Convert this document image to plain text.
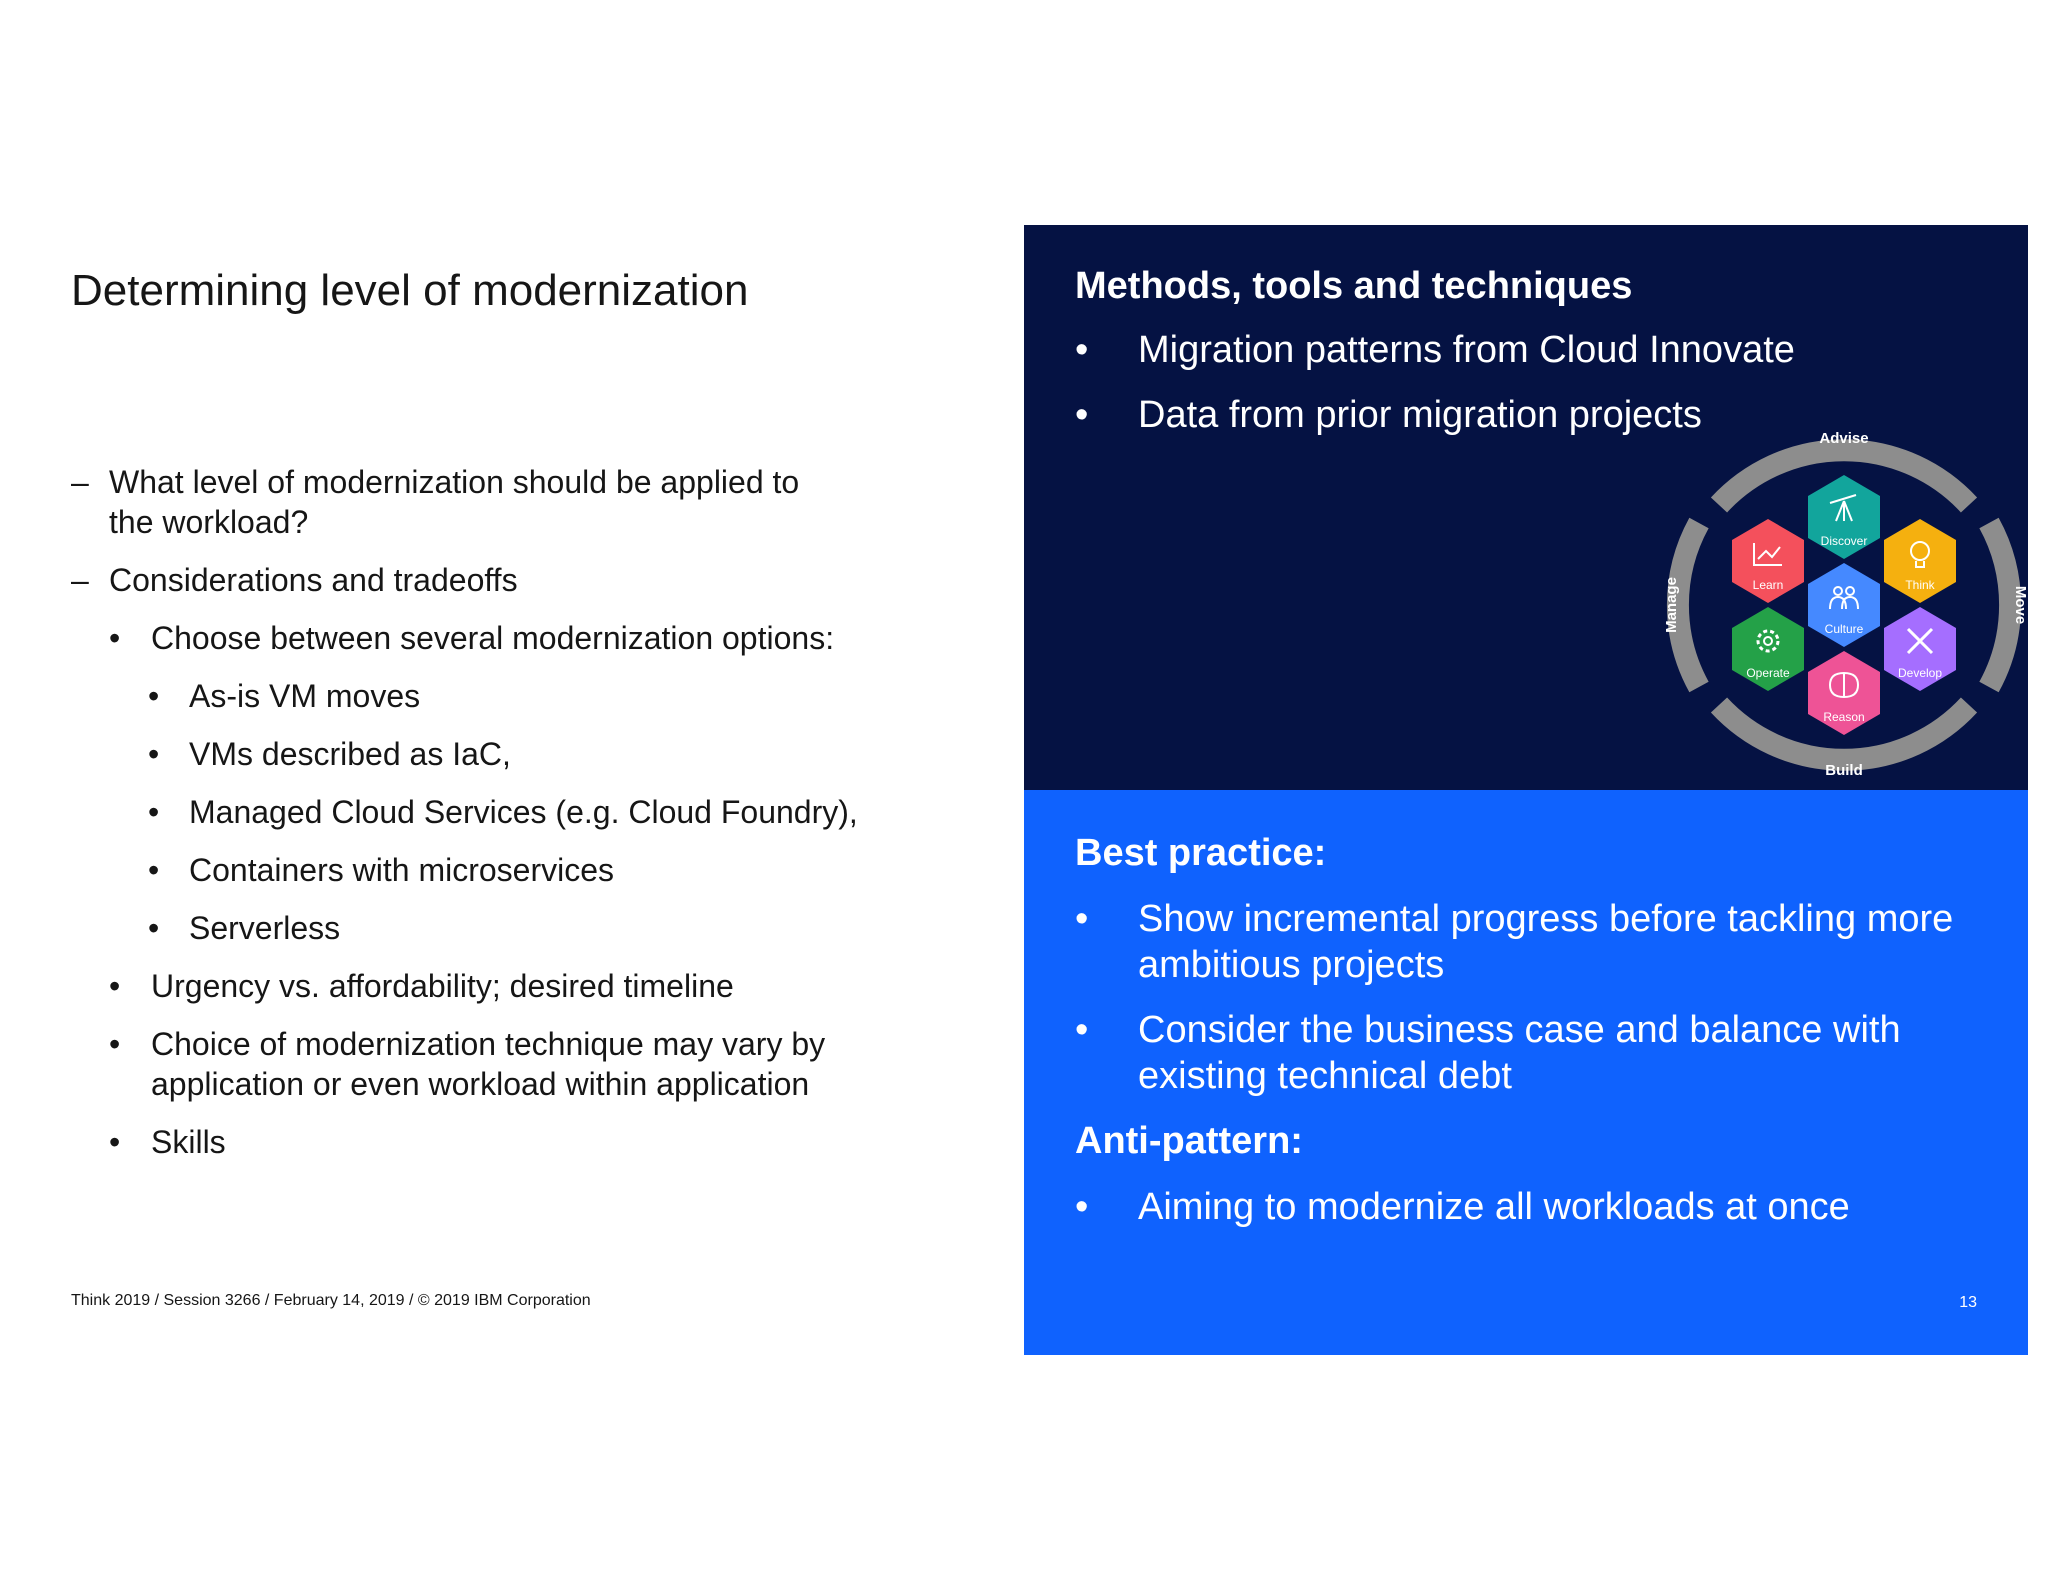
Determining level of modernization
– What level of modernization should be applied to the workload?
– Considerations and tradeoffs
• Choose between several modernization options:
• As-is VM moves
• VMs described as IaC,
• Managed Cloud Services (e.g. Cloud Foundry),
• Containers with microservices
• Serverless
• Urgency vs. affordability; desired timeline
• Choice of modernization technique may vary by application or even workload within application
• Skills
Think 2019 / Session 3266 / February 14, 2019 / © 2019 IBM Corporation
Methods, tools and techniques
• Migration patterns from Cloud Innovate
• Data from prior migration projects
Advise
Build
Move
Manage
Discover
Learn	Think
Culture
Operate	Develop
Reason
Best practice:
• Show incremental progress before tackling more ambitious projects
• Consider the business case and balance with existing technical debt
Anti-pattern:
• Aiming to modernize all workloads at once
13
